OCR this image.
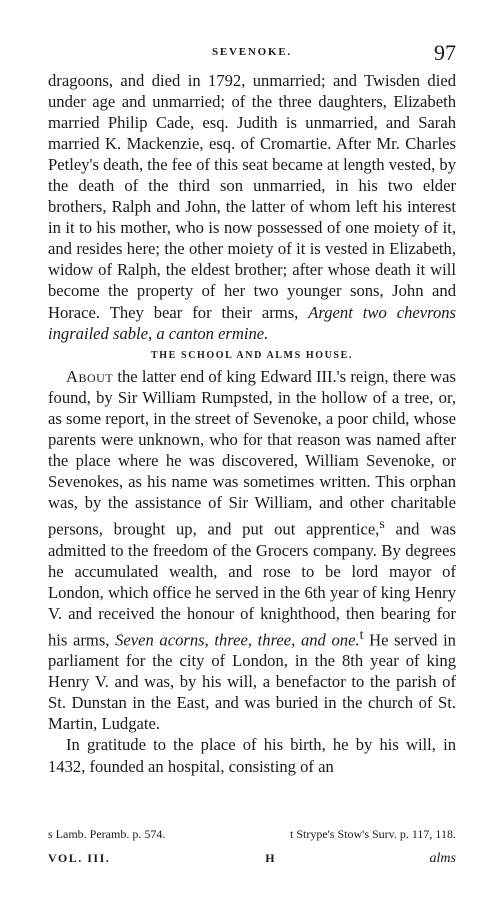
SEVENOKE.	97

dragoons, and died in 1792, unmarried; and Twisden died under age and unmarried; of the three daughters, Elizabeth married Philip Cade, esq. Judith is unmarried, and Sarah married K. Mackenzie, esq. of Cromartie. After Mr. Charles Petley's death, the fee of this seat became at length vested, by the death of the third son unmarried, in his two elder brothers, Ralph and John, the latter of whom left his interest in it to his mother, who is now possessed of one moiety of it, and resides here; the other moiety of it is vested in Elizabeth, widow of Ralph, the eldest brother; after whose death it will become the property of her two younger sons, John and Horace. They bear for their arms, Argent two chevrons ingrailed sable, a canton ermine.

THE SCHOOL AND ALMS HOUSE.

About the latter end of king Edward III.'s reign, there was found, by Sir William Rumpsted, in the hollow of a tree, or, as some report, in the street of Sevenoke, a poor child, whose parents were unknown, who for that reason was named after the place where he was discovered, William Sevenoke, or Sevenokes, as his name was sometimes written. This orphan was, by the assistance of Sir William, and other charitable persons, brought up, and put out apprentice,$^s$ and was admitted to the freedom of the Grocers company. By degrees he accumulated wealth, and rose to be lord mayor of London, which office he served in the 6th year of king Henry V. and received the honour of knighthood, then bearing for his arms, Seven acorns, three, three, and one.$^t$ He served in parliament for the city of London, in the 8th year of king Henry V. and was, by his will, a benefactor to the parish of St. Dunstan in the East, and was buried in the church of St. Martin, Ludgate.

In gratitude to the place of his birth, he by his will, in 1432, founded an hospital, consisting of an

s Lamb. Peramb. p. 574.	t Strype's Stow's Surv. p. 117, 118.
VOL. III.	H	alms
